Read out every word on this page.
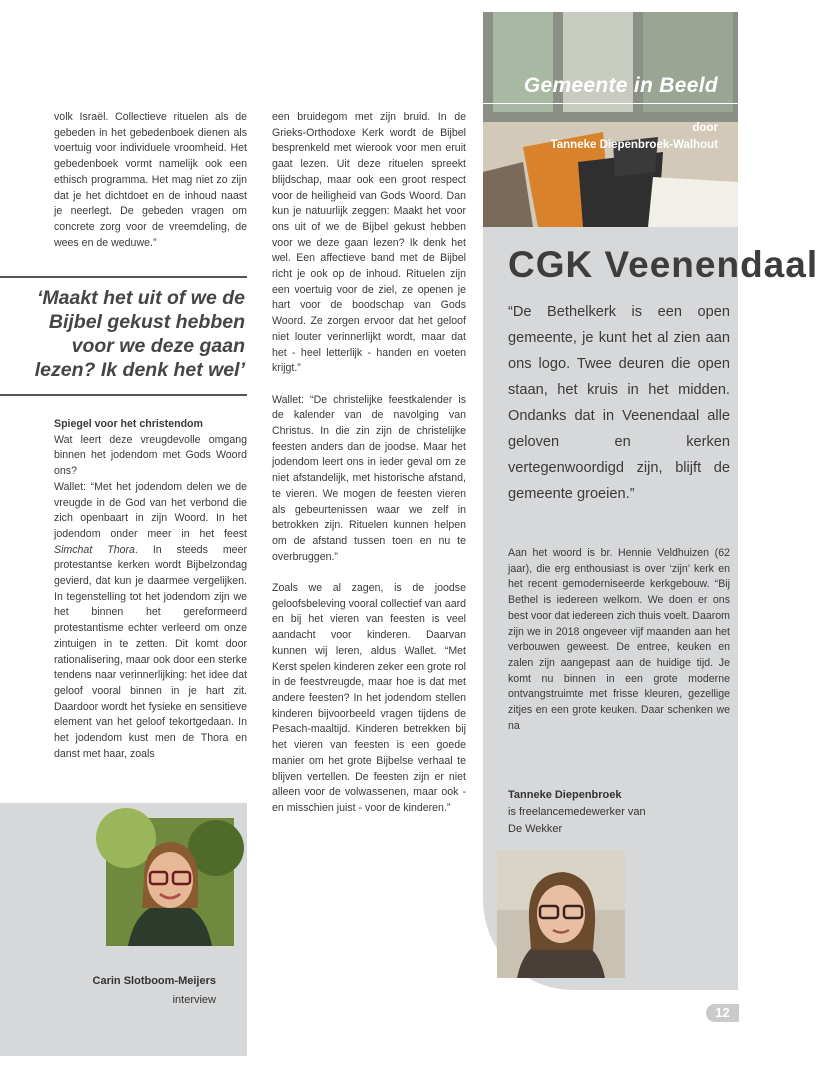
volk Israël. Collectieve rituelen als de gebeden in het gebedenboek dienen als voertuig voor individuele vroomheid. Het gebedenboek vormt namelijk ook een ethisch programma. Het mag niet zo zijn dat je het dichtdoet en de inhoud naast je neerlegt. De gebeden vragen om concrete zorg voor de vreemdeling, de wees en de weduwe.”

‘Maakt het uit of we de Bijbel gekust hebben voor we deze gaan lezen? Ik denk het wel’
Spiegel voor het christendom
Wat leert deze vreugdevolle omgang binnen het jodendom met Gods Woord ons?
Wallet: “Met het jodendom delen we de vreugde in de God van het verbond die zich openbaart in zijn Woord. In het jodendom onder meer in het feest Simchat Thora. In steeds meer protestantse kerken wordt Bijbelzondag gevierd, dat kun je daarmee vergelijken. In tegenstelling tot het jodendom zijn we het binnen het gereformeerd protestantisme echter verleerd om onze zintuigen in te zetten. Dit komt door rationalisering, maar ook door een sterke tendens naar verinnerlijking: het idee dat geloof vooral binnen in je hart zit. Daardoor wordt het fysieke en sensitieve element van het geloof tekortgedaan. In het jodendom kust men de Thora en danst met haar, zoals
Carin Slotboom-Meijers
interview

een bruidegom met zijn bruid. In de Grieks-Orthodoxe Kerk wordt de Bijbel besprenkeld met wierook voor men eruit gaat lezen. Uit deze rituelen spreekt blijdschap, maar ook een groot respect voor de heiligheid van Gods Woord. Dan kun je natuurlijk zeggen: Maakt het voor ons uit of we de Bijbel gekust hebben voor we deze gaan lezen? Ik denk het wel. Een affectieve band met de Bijbel richt je ook op de inhoud. Rituelen zijn een voertuig voor de ziel, ze openen je hart voor de boodschap van Gods Woord. Ze zorgen ervoor dat het geloof niet louter verinnerlijkt wordt, maar dat het - heel letterlijk - handen en voeten krijgt.”

Wallet: “De christelijke feestkalender is de kalender van de navolging van Christus. In die zin zijn de christelijke feesten anders dan de joodse. Maar het jodendom leert ons in ieder geval om ze niet afstandelijk, met historische afstand, te vieren. We mogen de feesten vieren als gebeurtenissen waar we zelf in betrokken zijn. Rituelen kunnen helpen om de afstand tussen toen en nu te overbruggen.”

Zoals we al zagen, is de joodse geloofsbeleving vooral collectief van aard en bij het vieren van feesten is veel aandacht voor kinderen. Daarvan kunnen wij leren, aldus Wallet. “Met Kerst spelen kinderen zeker een grote rol in de feestvreugde, maar hoe is dat met andere feesten? In het jodendom stellen kinderen bijvoorbeeld vragen tijdens de Pesach-maaltijd. Kinderen betrekken bij het vieren van feesten is een goede manier om het grote Bijbelse verhaal te blijven vertellen. De feesten zijn er niet alleen voor de volwassenen, maar ook - en misschien juist - voor de kinderen.”

Gemeente in Beeld
door
Tanneke Diepenbroek-Walhout
CGK Veenendaal
“De Bethelkerk is een open gemeente, je kunt het al zien aan ons logo. Twee deuren die open staan, het kruis in het midden. Ondanks dat in Veenendaal alle geloven en kerken vertegenwoordigd zijn, blijft de gemeente groeien.”

Aan het woord is br. Hennie Veldhuizen (62 jaar), die erg enthousiast is over ‘zijn’ kerk en het recent gemoderniseerde kerkgebouw. “Bij Bethel is iedereen welkom. We doen er ons best voor dat iedereen zich thuis voelt. Daarom zijn we in 2018 ongeveer vijf maanden aan het verbouwen geweest. De entree, keuken en zalen zijn aangepast aan de huidige tijd. Je komt nu binnen in een grote moderne ontvangstruimte met frisse kleuren, gezellige zitjes en een grote keuken. Daar schenken we na

Tanneke Diepenbroek
is freelancemedewerker van
De Wekker
12
